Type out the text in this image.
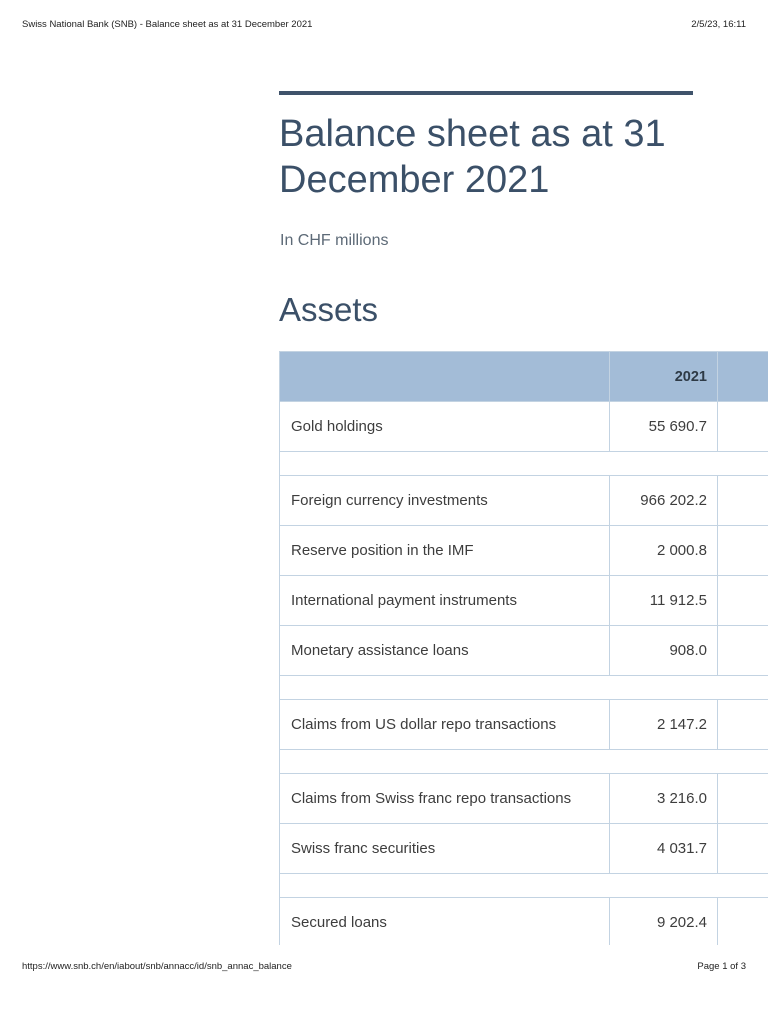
Swiss National Bank (SNB) - Balance sheet as at 31 December 2021	2/5/23, 16:11
Balance sheet as at 31 December 2021
In CHF millions
Assets
	2021	
Gold holdings	55 690.7	

Foreign currency investments	966 202.2	
Reserve position in the IMF	2 000.8	
International payment instruments	11 912.5	
Monetary assistance loans	908.0	

Claims from US dollar repo transactions	2 147.2	

Claims from Swiss franc repo transactions	3 216.0	
Swiss franc securities	4 031.7	

Secured loans	9 202.4	
https://www.snb.ch/en/iabout/snb/annacc/id/snb_annac_balance	Page 1 of 3
